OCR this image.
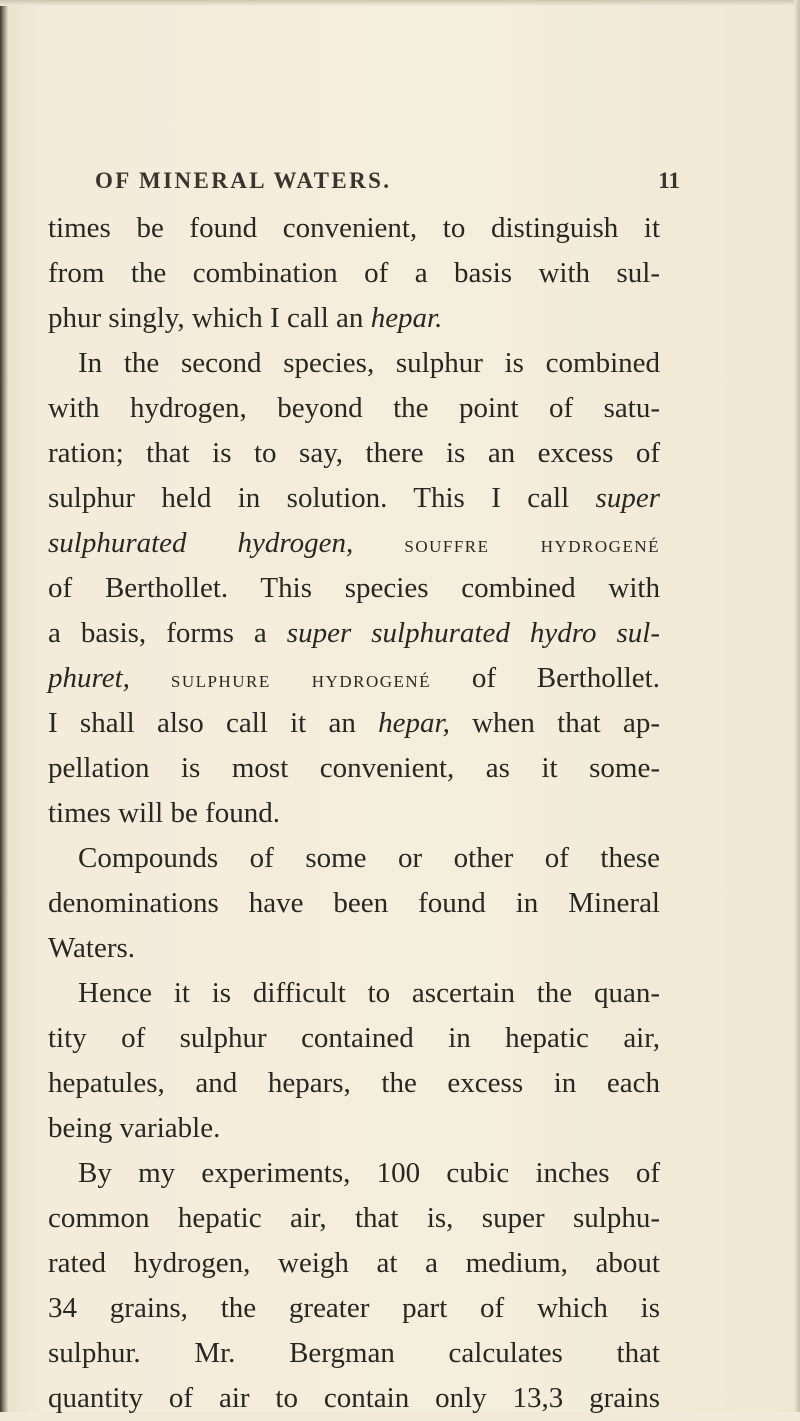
OF MINERAL WATERS.	11
times be found convenient, to distinguish it
from the combination of a basis with sul-
phur singly, which I call an hepar.
In the second species, sulphur is combined
with hydrogen, beyond the point of satu-
ration; that is to say, there is an excess of
sulphur held in solution. This I call super
sulphurated hydrogen, souffre hydrogené
of Berthollet. This species combined with
a basis, forms a super sulphurated hydro sul-
phuret, sulphure hydrogené of Berthollet.
I shall also call it an hepar, when that ap-
pellation is most convenient, as it some-
times will be found.
Compounds of some or other of these
denominations have been found in Mineral
Waters.
Hence it is difficult to ascertain the quan-
tity of sulphur contained in hepatic air,
hepatules, and hepars, the excess in each
being variable.
By my experiments, 100 cubic inches of
common hepatic air, that is, super sulphu-
rated hydrogen, weigh at a medium, about
34 grains, the greater part of which is
sulphur. Mr. Bergman calculates that
quantity of air to contain only 13,3 grains
